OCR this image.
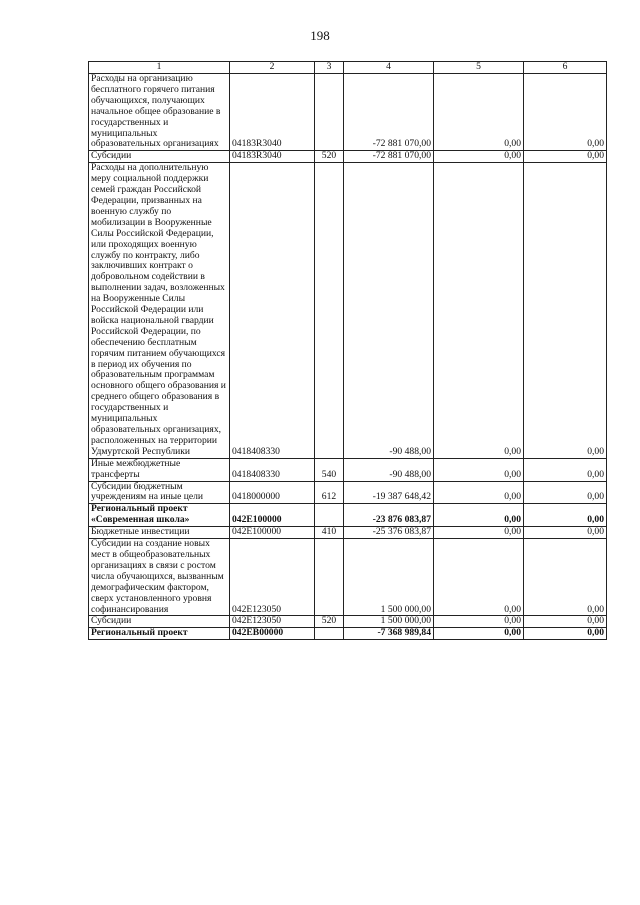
198
1	2	3	4	5	6
Расходы на организацию бесплатного горячего питания обучающихся, получающих начальное общее образование в государственных и муниципальных образовательных организациях	04183R3040		-72 881 070,00	0,00	0,00
Субсидии	04183R3040	520	-72 881 070,00	0,00	0,00
Расходы на дополнительную меру социальной поддержки семей граждан Российской Федерации, призванных на военную службу по мобилизации в Вооруженные Силы Российской Федерации, или проходящих военную службу по контракту, либо заключивших контракт о добровольном содействии в выполнении задач, возложенных на Вооруженные Силы Российской Федерации или войска национальной гвардии Российской Федерации, по обеспечению бесплатным горячим питанием обучающихся в период их обучения по образовательным программам основного общего образования и среднего общего образования в государственных и муниципальных образовательных организациях, расположенных на территории Удмуртской Республики	0418408330		-90 488,00	0,00	0,00
Иные межбюджетные трансферты	0418408330	540	-90 488,00	0,00	0,00
Субсидии бюджетным учреждениям на иные цели	0418000000	612	-19 387 648,42	0,00	0,00
Региональный проект «Современная школа»	042E100000		-23 876 083,87	0,00	0,00
Бюджетные инвестиции	042E100000	410	-25 376 083,87	0,00	0,00
Субсидии на создание новых мест в общеобразовательных организациях в связи с ростом числа обучающихся, вызванным демографическим фактором, сверх установленного уровня софинансирования	042E123050		1 500 000,00	0,00	0,00
Субсидии	042E123050	520	1 500 000,00	0,00	0,00
Региональный проект	042EB00000		-7 368 989,84	0,00	0,00
